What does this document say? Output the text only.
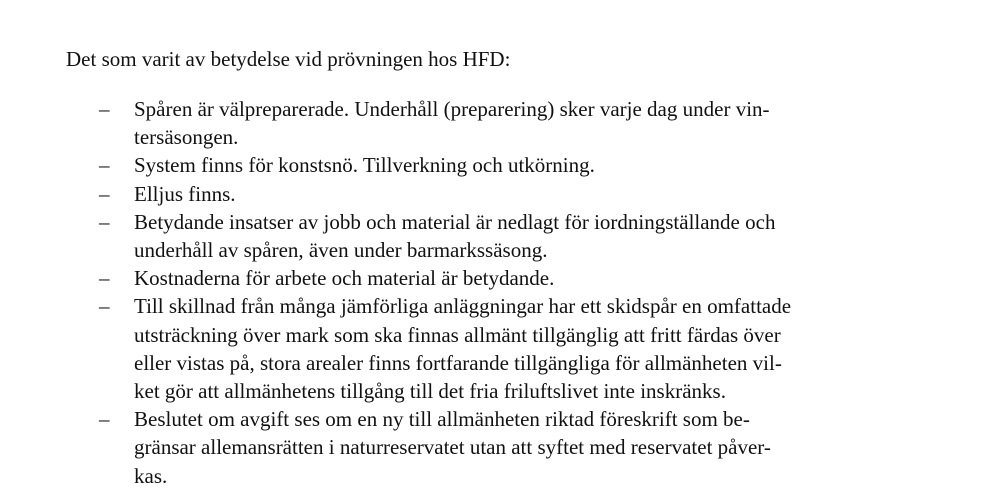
Det som varit av betydelse vid prövningen hos HFD:

– Spåren är välpreparerade. Underhåll (preparering) sker varje dag under vin-
tersäsongen.
– System finns för konstsnö. Tillverkning och utkörning.
– Elljus finns.
– Betydande insatser av jobb och material är nedlagt för iordningställande och
underhåll av spåren, även under barmarkssäsong.
– Kostnaderna för arbete och material är betydande.
– Till skillnad från många jämförliga anläggningar har ett skidspår en omfattade
utsträckning över mark som ska finnas allmänt tillgänglig att fritt färdas över
eller vistas på, stora arealer finns fortfarande tillgängliga för allmänheten vil-
ket gör att allmänhetens tillgång till det fria friluftslivet inte inskränks.
– Beslutet om avgift ses om en ny till allmänheten riktad föreskrift som be-
gränsar allemansrätten i naturreservatet utan att syftet med reservatet påver-
kas.
